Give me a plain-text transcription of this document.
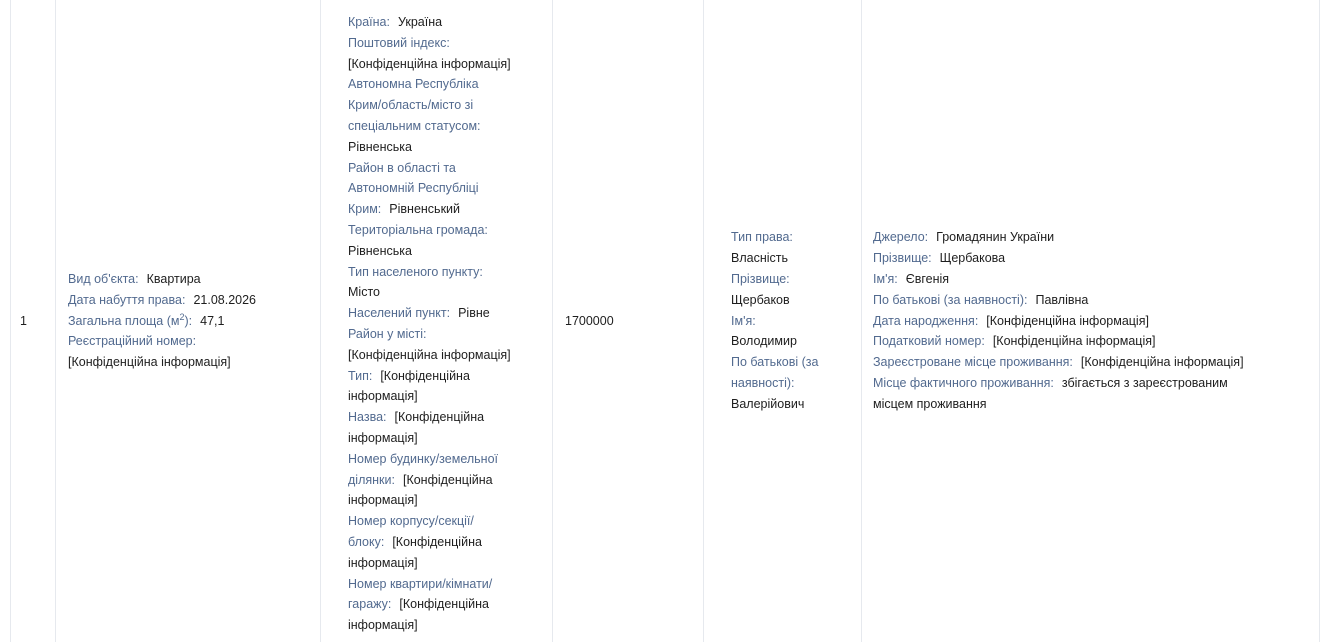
1

Вид об'єкта: Квартира

Дата набуття права: 21.08.2026

Загальна площа $(м^2)$: 47,1

Реєстраційний номер:

[Конфіденційна інформація]

Країна: Україна

Поштовий індекс:

[Конфіденційна інформація]

Автономна Республіка

Крим/область/місто зі

спеціальним статусом:

Рівненська

Район в області та

Автономній Республіці

Крим: Рівненський

Територіальна громада:

Рівненська

Тип населеного пункту:

Місто

Населений пункт: Рівне

Район у місті:

[Конфіденційна інформація]

Тип: [Конфіденційна

інформація]

Назва: [Конфіденційна

інформація]

Номер будинку/земельної

ділянки: [Конфіденційна

інформація]

Номер корпусу/секції/

блоку: [Конфіденційна

інформація]

Номер квартири/кімнати/

гаражу: [Конфіденційна

інформація]

1700000

Тип права:

Власність

Прізвище:

Щербаков

Ім'я:

Володимир

По батькові (за

наявності):

Валерійович

Джерело: Громадянин України

Прізвище: Щербакова

Ім'я: Євгенія

По батькові (за наявності): Павлівна

Дата народження: [Конфіденційна інформація]

Податковий номер: [Конфіденційна інформація]

Зареєстроване місце проживання: [Конфіденційна інформація]

Місце фактичного проживання: збігається з зареєстрованим

місцем проживання
